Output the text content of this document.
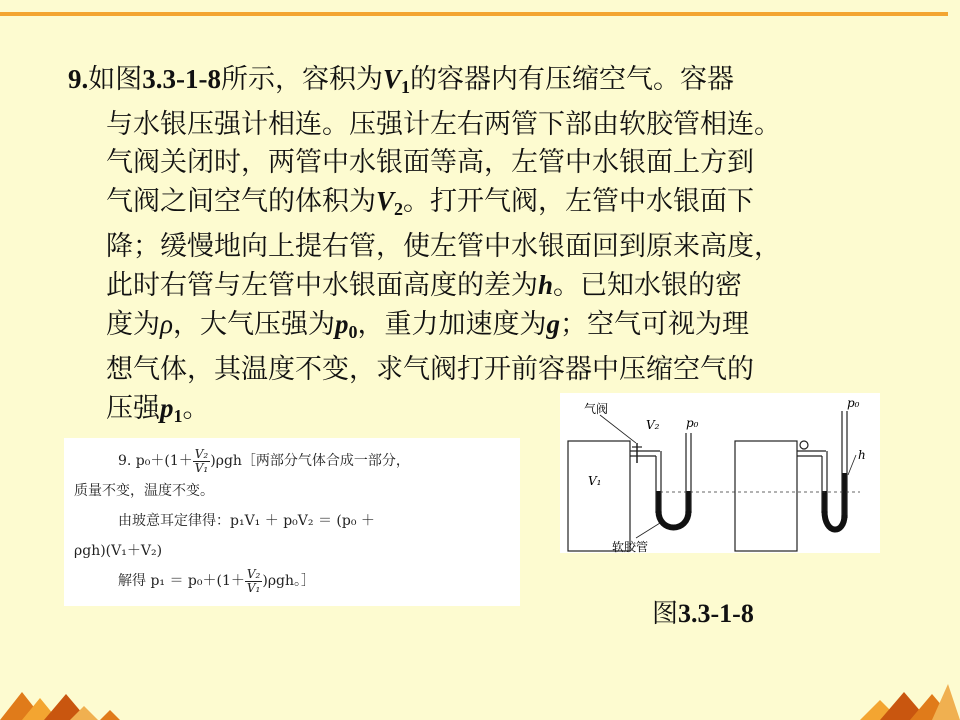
9.如图3.3-1-8所示，容积为$V_1$的容器内有压缩空气。容器
与水银压强计相连。压强计左右两管下部由软胶管相连。
气阀关闭时，两管中水银面等高，左管中水银面上方到
气阀之间空气的体积为$V_2$。打开气阀，左管中水银面下
降；缓慢地向上提右管，使左管中水银面回到原来高度，
此时右管与左管中水银面高度的差为h。已知水银的密
度为ρ，大气压强为$p_0$，重力加速度为g；空气可视为理
想气体，其温度不变，求气阀打开前容器中压缩空气的
压强$p_1$。
9. $p_0+(1+ \frac{\text{V₂}}{\text{V₁}}$ )ρgh［两部分气体合成一部分，
质量不变，温度不变。
由玻意耳定律得：p₁V₁ ＋ p₀V₂ ＝ (p₀ ＋
ρgh)(V₁＋V₂)
解得 $p_1 = p_0+(1+ \frac{\text{V₂}}{\text{V₁}} )\rho gh$。］
气阀
V₂ p₀
V₁
软胶管
p₀
h
图3.3-1-8
